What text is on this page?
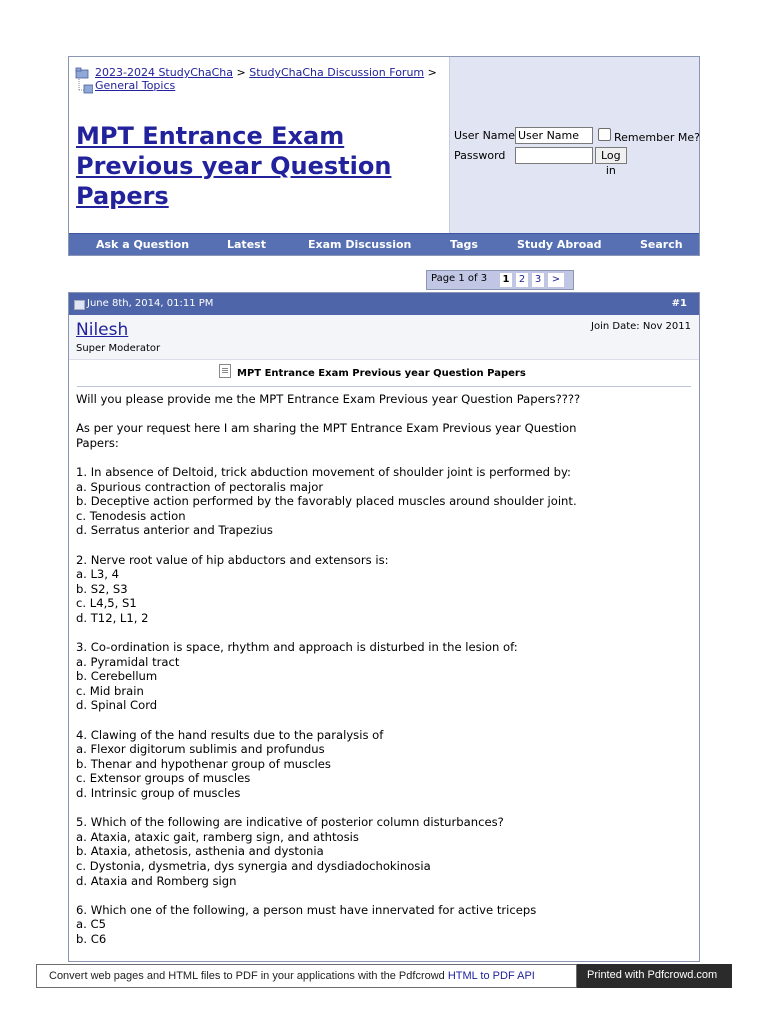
2023-2024 StudyChaCha > StudyChaCha Discussion Forum >
General Topics
MPT Entrance Exam Previous year Question Papers
User Name
User Name	Remember Me?
Password	Log in
Ask a Question	Latest	Exam Discussion	Tags	Study Abroad	Search
Page 1 of 3	1 2 3	>
June 8th, 2014, 01:11 PM	#1
Nilesh
Super Moderator
Join Date: Nov 2011
MPT Entrance Exam Previous year Question Papers

Will you please provide me the MPT Entrance Exam Previous year Question Papers????

As per your request here I am sharing the MPT Entrance Exam Previous year Question
Papers:
1. In absence of Deltoid, trick abduction movement of shoulder joint is performed by:
a. Spurious contraction of pectoralis major
b. Deceptive action performed by the favorably placed muscles around shoulder joint.
c. Tenodesis action
d. Serratus anterior and Trapezius
2. Nerve root value of hip abductors and extensors is:
a. L3, 4
b. S2, S3
c. L4,5, S1
d. T12, L1, 2
3. Co-ordination is space, rhythm and approach is disturbed in the lesion of:
a. Pyramidal tract
b. Cerebellum
c. Mid brain
d. Spinal Cord
4. Clawing of the hand results due to the paralysis of
a. Flexor digitorum sublimis and profundus
b. Thenar and hypothenar group of muscles
c. Extensor groups of muscles
d. Intrinsic group of muscles
5. Which of the following are indicative of posterior column disturbances?
a. Ataxia, ataxic gait, ramberg sign, and athtosis
b. Ataxia, athetosis, asthenia and dystonia
c. Dystonia, dysmetria, dys synergia and dysdiadochokinosia
d. Ataxia and Romberg sign
6. Which one of the following, a person must have innervated for active triceps
a. C5
b. C6
Convert web pages and HTML files to PDF in your applications with the Pdfcrowd HTML to PDF API	Printed with Pdfcrowd.com
